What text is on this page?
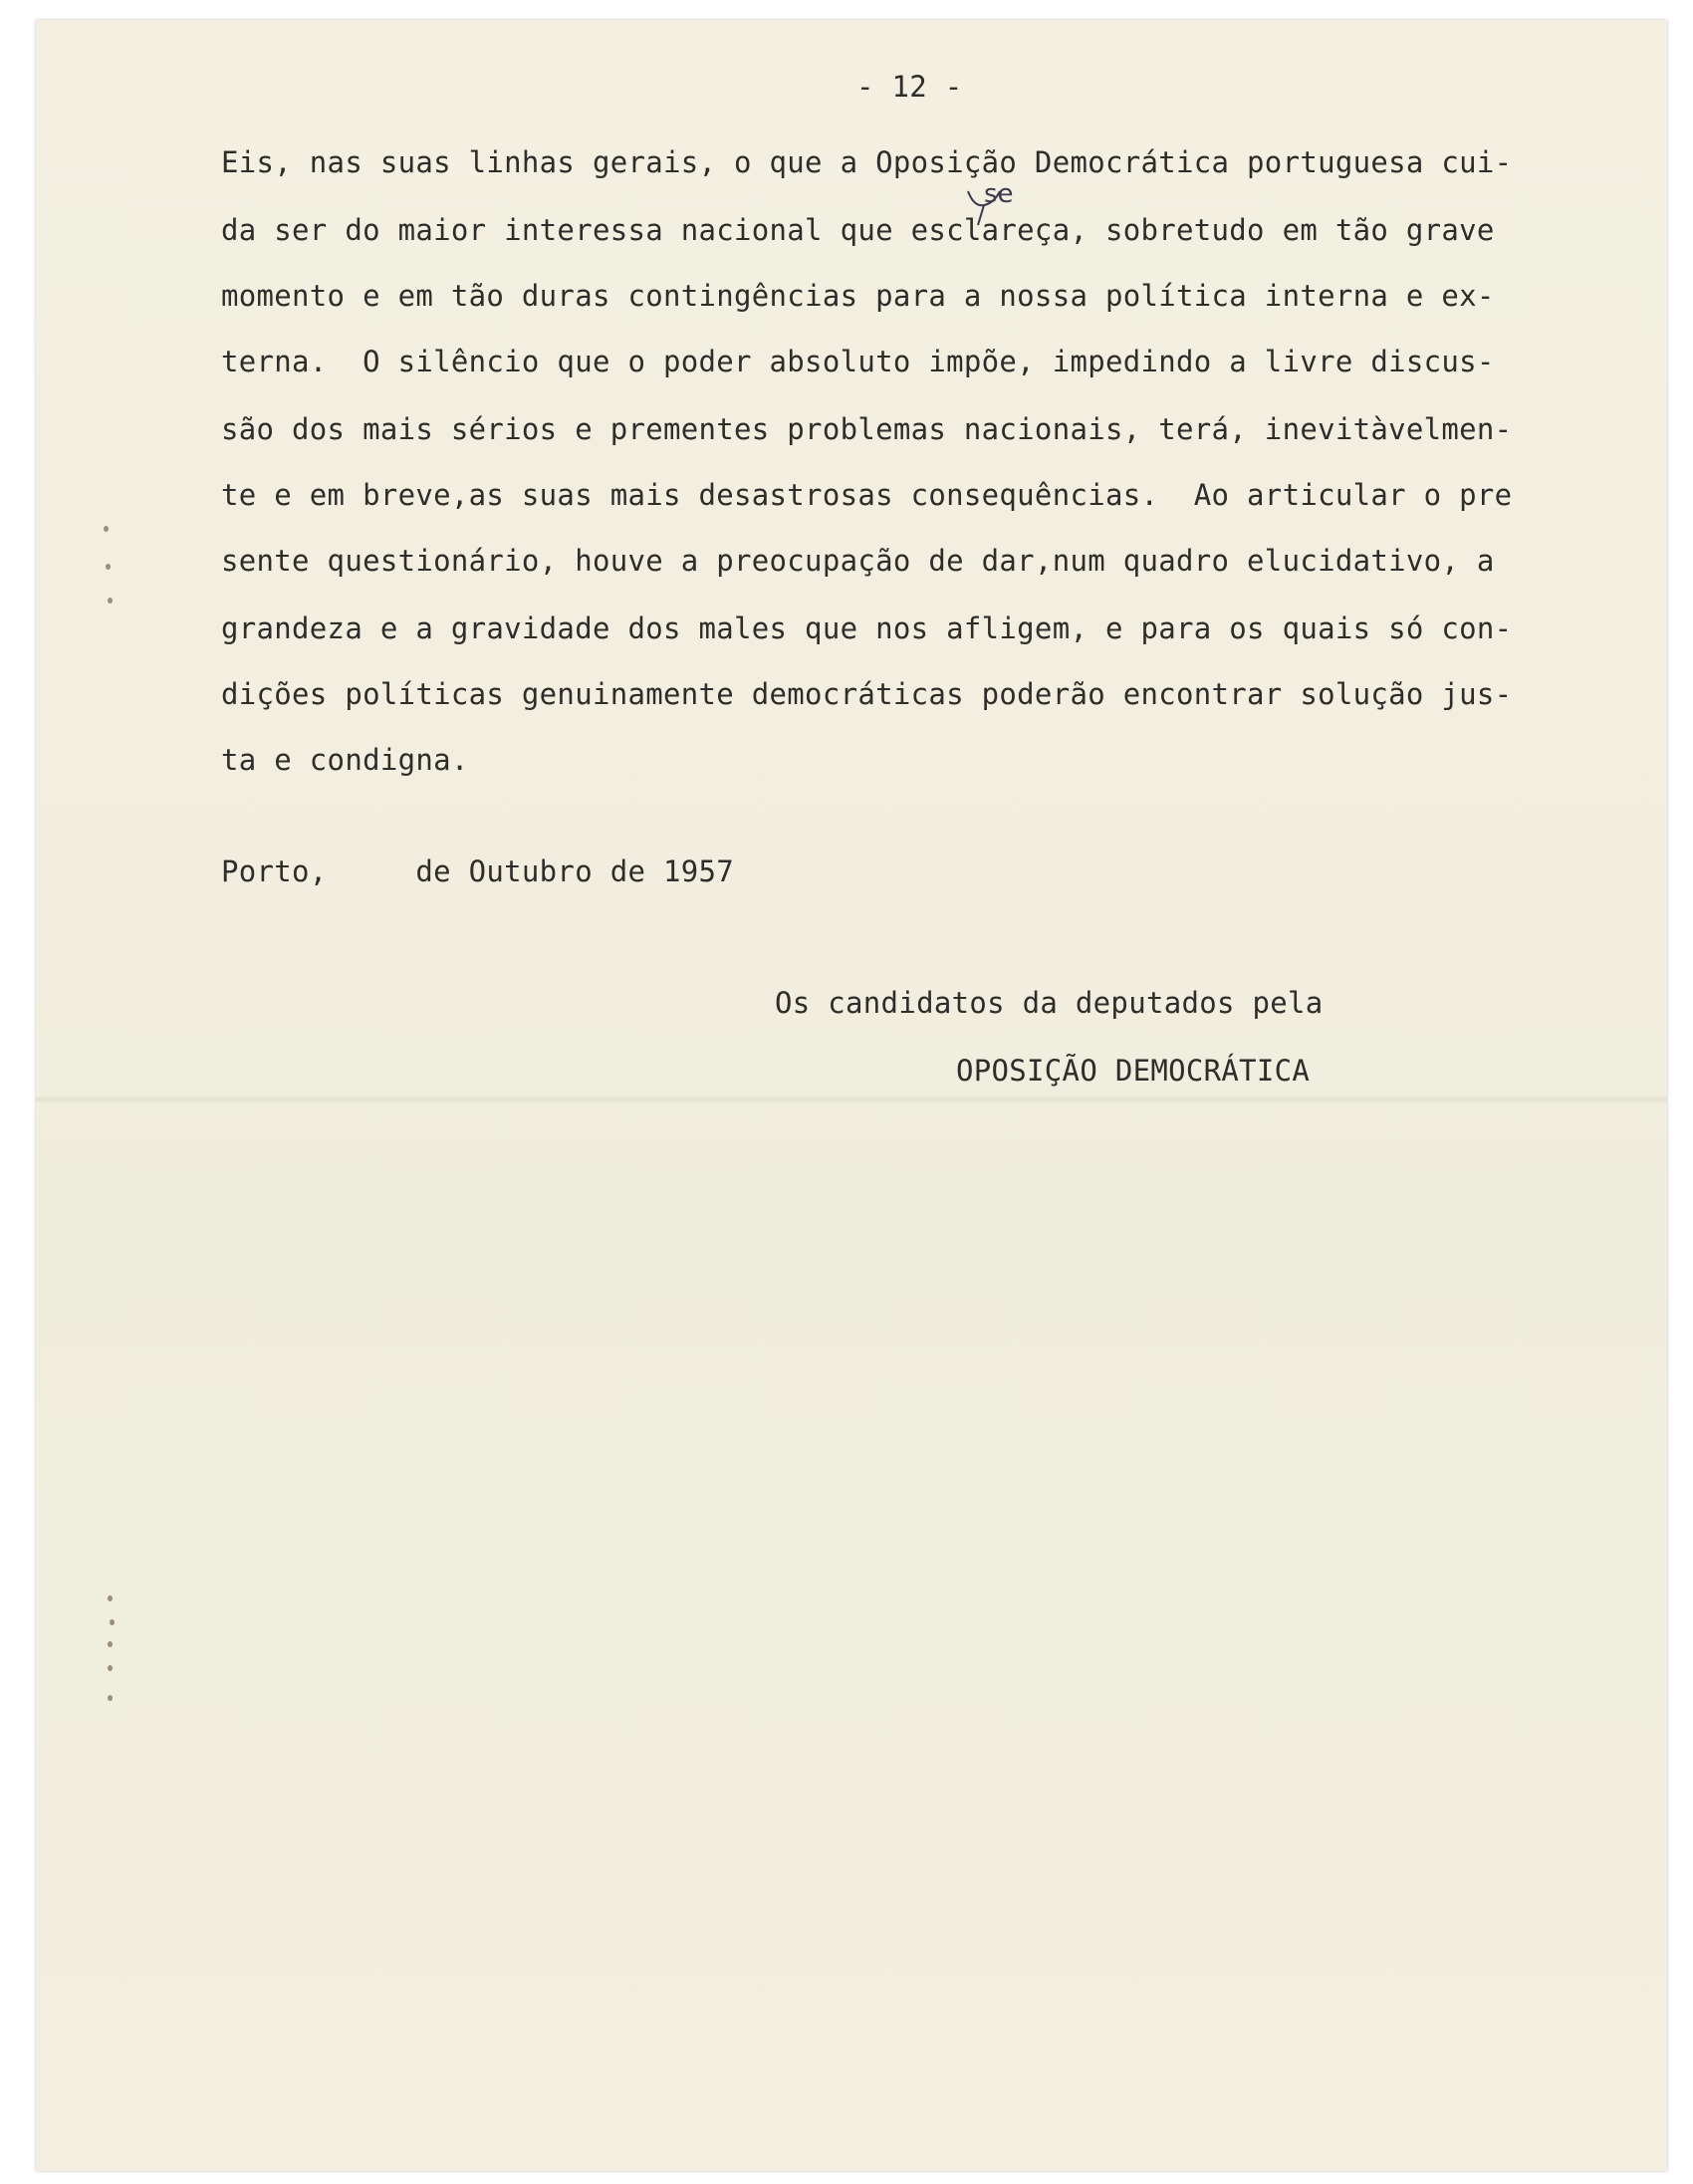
- 12 -
se
Eis, nas suas linhas gerais, o que a Oposição Democrática portuguesa cui-
da ser do maior interessa nacional que esclareça, sobretudo em tão grave
momento e em tão duras contingências para a nossa política interna e ex-
terna.  O silêncio que o poder absoluto impõe, impedindo a livre discus-
são dos mais sérios e prementes problemas nacionais, terá, inevitàvelmen-
te e em breve,as suas mais desastrosas consequências.  Ao articular o pre
sente questionário, houve a preocupação de dar,num quadro elucidativo, a
grandeza e a gravidade dos males que nos afligem, e para os quais só con-
dições políticas genuinamente democráticas poderão encontrar solução jus-
ta e condigna.
Porto,     de Outubro de 1957
Os candidatos da deputados pela
OPOSIÇÃO DEMOCRÁTICA
